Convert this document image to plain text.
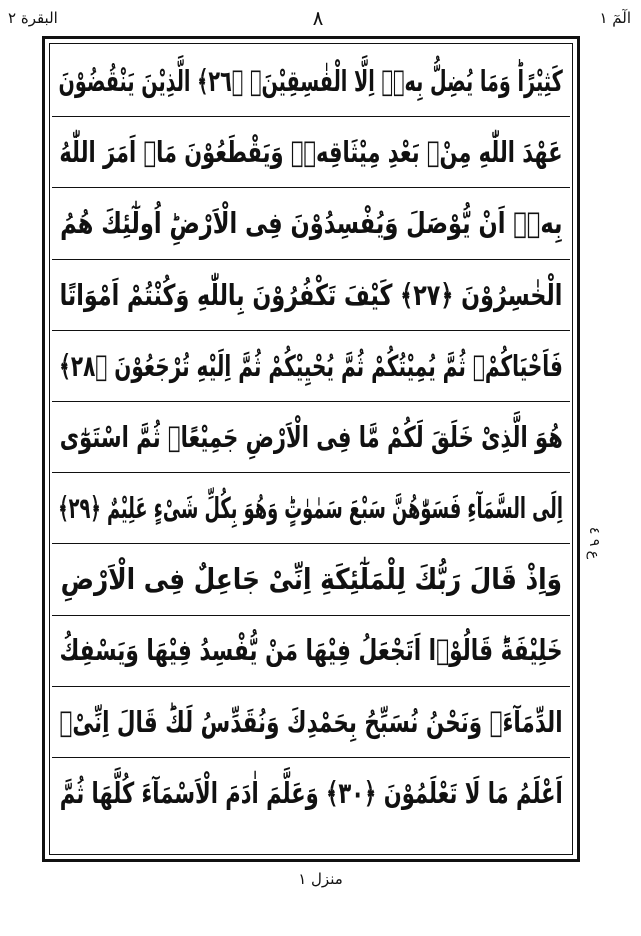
البقرة ٢	٨	الٓمٓ ١
كَثِيْرًاؕ وَمَا يُضِلُّ بِهٖۤ اِلَّا الْفٰسِقِيْنَۙ ﴿٢٦﴾ الَّذِيْنَ يَنْقُضُوْنَ
عَهْدَ اللّٰهِ مِنْۢ بَعْدِ مِيْثَاقِهٖ۪ وَيَقْطَعُوْنَ مَاۤ اَمَرَ اللّٰهُ
بِهٖۤ اَنْ يُّوْصَلَ وَيُفْسِدُوْنَ فِى الْاَرْضِؕ اُولٰٓئِكَ هُمُ
الْخٰسِرُوْنَ ﴿٢٧﴾ كَيْفَ تَكْفُرُوْنَ بِاللّٰهِ وَكُنْتُمْ اَمْوَاتًا
فَاَحْيَاكُمْۚ ثُمَّ يُمِيْتُكُمْ ثُمَّ يُحْيِيْكُمْ ثُمَّ اِلَيْهِ تُرْجَعُوْنَ ﴿٢٨﴾
هُوَ الَّذِىْ خَلَقَ لَكُمْ مَّا فِى الْاَرْضِ جَمِيْعًاۗ ثُمَّ اسْتَوٰٓى
اِلَى السَّمَآءِ فَسَوّٰهُنَّ سَبْعَ سَمٰوٰتٍؕ وَهُوَ بِكُلِّ شَىْءٍ عَلِيْمٌ ﴿٢٩﴾
وَاِذْ قَالَ رَبُّكَ لِلْمَلٰٓئِكَةِ اِنِّىْ جَاعِلٌ فِى الْاَرْضِ
خَلِيْفَةًؕ قَالُوْۤا اَتَجْعَلُ فِيْهَا مَنْ يُّفْسِدُ فِيْهَا وَيَسْفِكُ
الدِّمَآءَۚ وَنَحْنُ نُسَبِّحُ بِحَمْدِكَ وَنُقَدِّسُ لَكَؕ قَالَ اِنِّىْۤ
اَعْلَمُ مَا لَا تَعْلَمُوْنَ ﴿٣٠﴾ وَعَلَّمَ اٰدَمَ الْاَسْمَآءَ كُلَّهَا ثُمَّ
ع ٩ ٤
منزل ١
